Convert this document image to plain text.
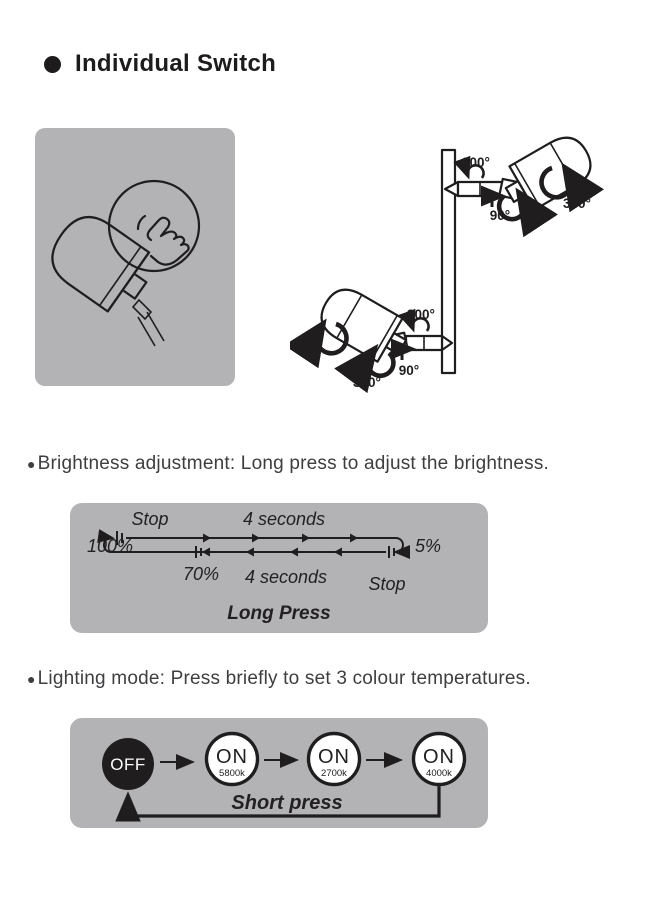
Individual Switch
300°
90°
360°
300°
90°
360°
● Brightness adjustment: Long press to adjust the brightness.
Stop	4 seconds
100%	5%
70% 4 seconds Stop
Long Press
● Lighting mode: Press briefly to set 3 colour temperatures.
OFF	ON
5800k
ON
2700k
ON
4000k
Short press
